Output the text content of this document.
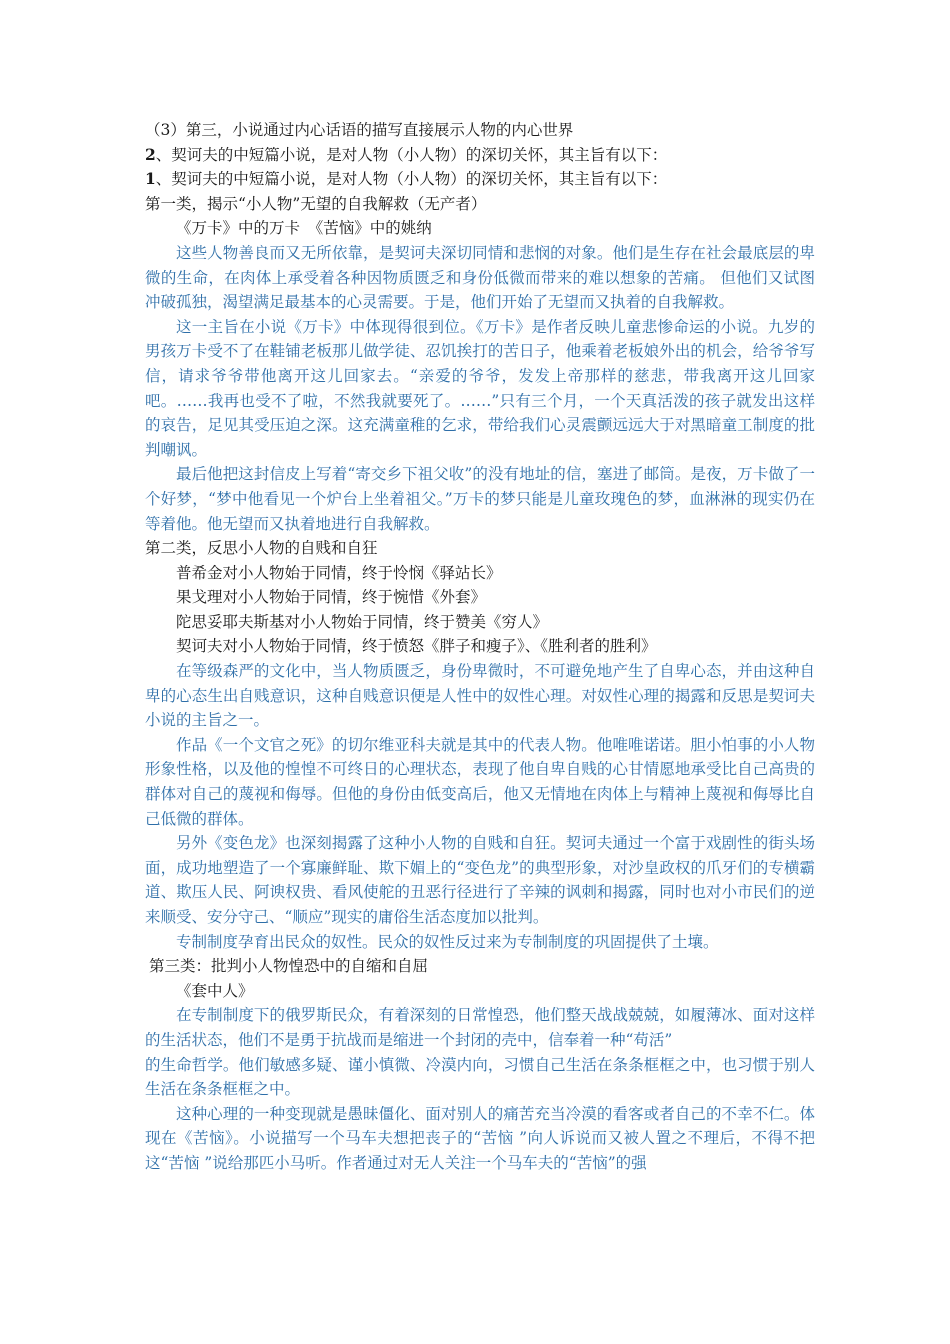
（3）第三，小说通过内心话语的描写直接展示人物的内心世界
2、契诃夫的中短篇小说，是对人物（小人物）的深切关怀，其主旨有以下：
1、契诃夫的中短篇小说，是对人物（小人物）的深切关怀，其主旨有以下：
第一类，揭示“小人物”无望的自我解救（无产者）
《万卡》中的万卡　《苦恼》中的姚纳

这些人物善良而又无所依靠，是契诃夫深切同情和悲悯的对象。他们是生存在社会最底层的卑微的生命，在肉体上承受着各种因物质匮乏和身份低微而带来的难以想象的苦痛。 但他们又试图冲破孤独，渴望满足最基本的心灵需要。于是，他们开始了无望而又执着的自我解救。

这一主旨在小说《万卡》中体现得很到位。《万卡》是作者反映儿童悲惨命运的小说。九岁的男孩万卡受不了在鞋铺老板那儿做学徒、忍饥挨打的苦日子，他乘着老板娘外出的机会，给爷爷写信，请求爷爷带他离开这儿回家去。“亲爱的爷爷，发发上帝那样的慈悲，带我离开这儿回家吧。……我再也受不了啦，不然我就要死了。……”只有三个月，一个天真活泼的孩子就发出这样的哀告，足见其受压迫之深。这充满童稚的乞求，带给我们心灵震颤远远大于对黑暗童工制度的批判嘲讽。

最后他把这封信皮上写着“寄交乡下祖父收”的没有地址的信，塞进了邮筒。是夜，万卡做了一个好梦，“梦中他看见一个炉台上坐着祖父。”万卡的梦只能是儿童玫瑰色的梦，血淋淋的现实仍在等着他。他无望而又执着地进行自我解救。

第二类，反思小人物的自贱和自狂
普希金对小人物始于同情，终于怜悯《驿站长》
果戈理对小人物始于同情，终于惋惜《外套》
陀思妥耶夫斯基对小人物始于同情，终于赞美《穷人》
契诃夫对小人物始于同情，终于愤怒《胖子和瘦子》、《胜利者的胜利》

在等级森严的文化中，当人物质匮乏，身份卑微时，不可避免地产生了自卑心态，并由这种自卑的心态生出自贱意识，这种自贱意识便是人性中的奴性心理。对奴性心理的揭露和反思是契诃夫小说的主旨之一。

作品《一个文官之死》的切尔维亚科夫就是其中的代表人物。他唯唯诺诺。胆小怕事的小人物形象性格，以及他的惶惶不可终日的心理状态，表现了他自卑自贱的心甘情愿地承受比自己高贵的群体对自己的蔑视和侮辱。但他的身份由低变高后，他又无情地在肉体上与精神上蔑视和侮辱比自己低微的群体。

另外《变色龙》也深刻揭露了这种小人物的自贱和自狂。契诃夫通过一个富于戏剧性的街头场面，成功地塑造了一个寡廉鲜耻、欺下媚上的“变色龙”的典型形象，对沙皇政权的爪牙们的专横霸道、欺压人民、阿谀权贵、看风使舵的丑恶行径进行了辛辣的讽刺和揭露，同时也对小市民们的逆来顺受、安分守己、“顺应”现实的庸俗生活态度加以批判。

专制制度孕育出民众的奴性。民众的奴性反过来为专制制度的巩固提供了土壤。

第三类：批判小人物惶恐中的自缩和自屈
《套中人》

在专制制度下的俄罗斯民众，有着深刻的日常惶恐，他们整天战战兢兢，如履薄冰、面对这样的生活状态，他们不是勇于抗战而是缩进一个封闭的壳中，信奉着一种“苟活”

的生命哲学。他们敏感多疑、谨小慎微、冷漠内向，习惯自己生活在条条框框之中，也习惯于别人生活在条条框框之中。

这种心理的一种变现就是愚昧僵化、面对别人的痛苦充当冷漠的看客或者自己的不幸不仁。体现在《苦恼》。小说描写一个马车夫想把丧子的“苦恼 ”向人诉说而又被人置之不理后，不得不把这“苦恼 ”说给那匹小马听。作者通过对无人关注一个马车夫的“苦恼”的强
